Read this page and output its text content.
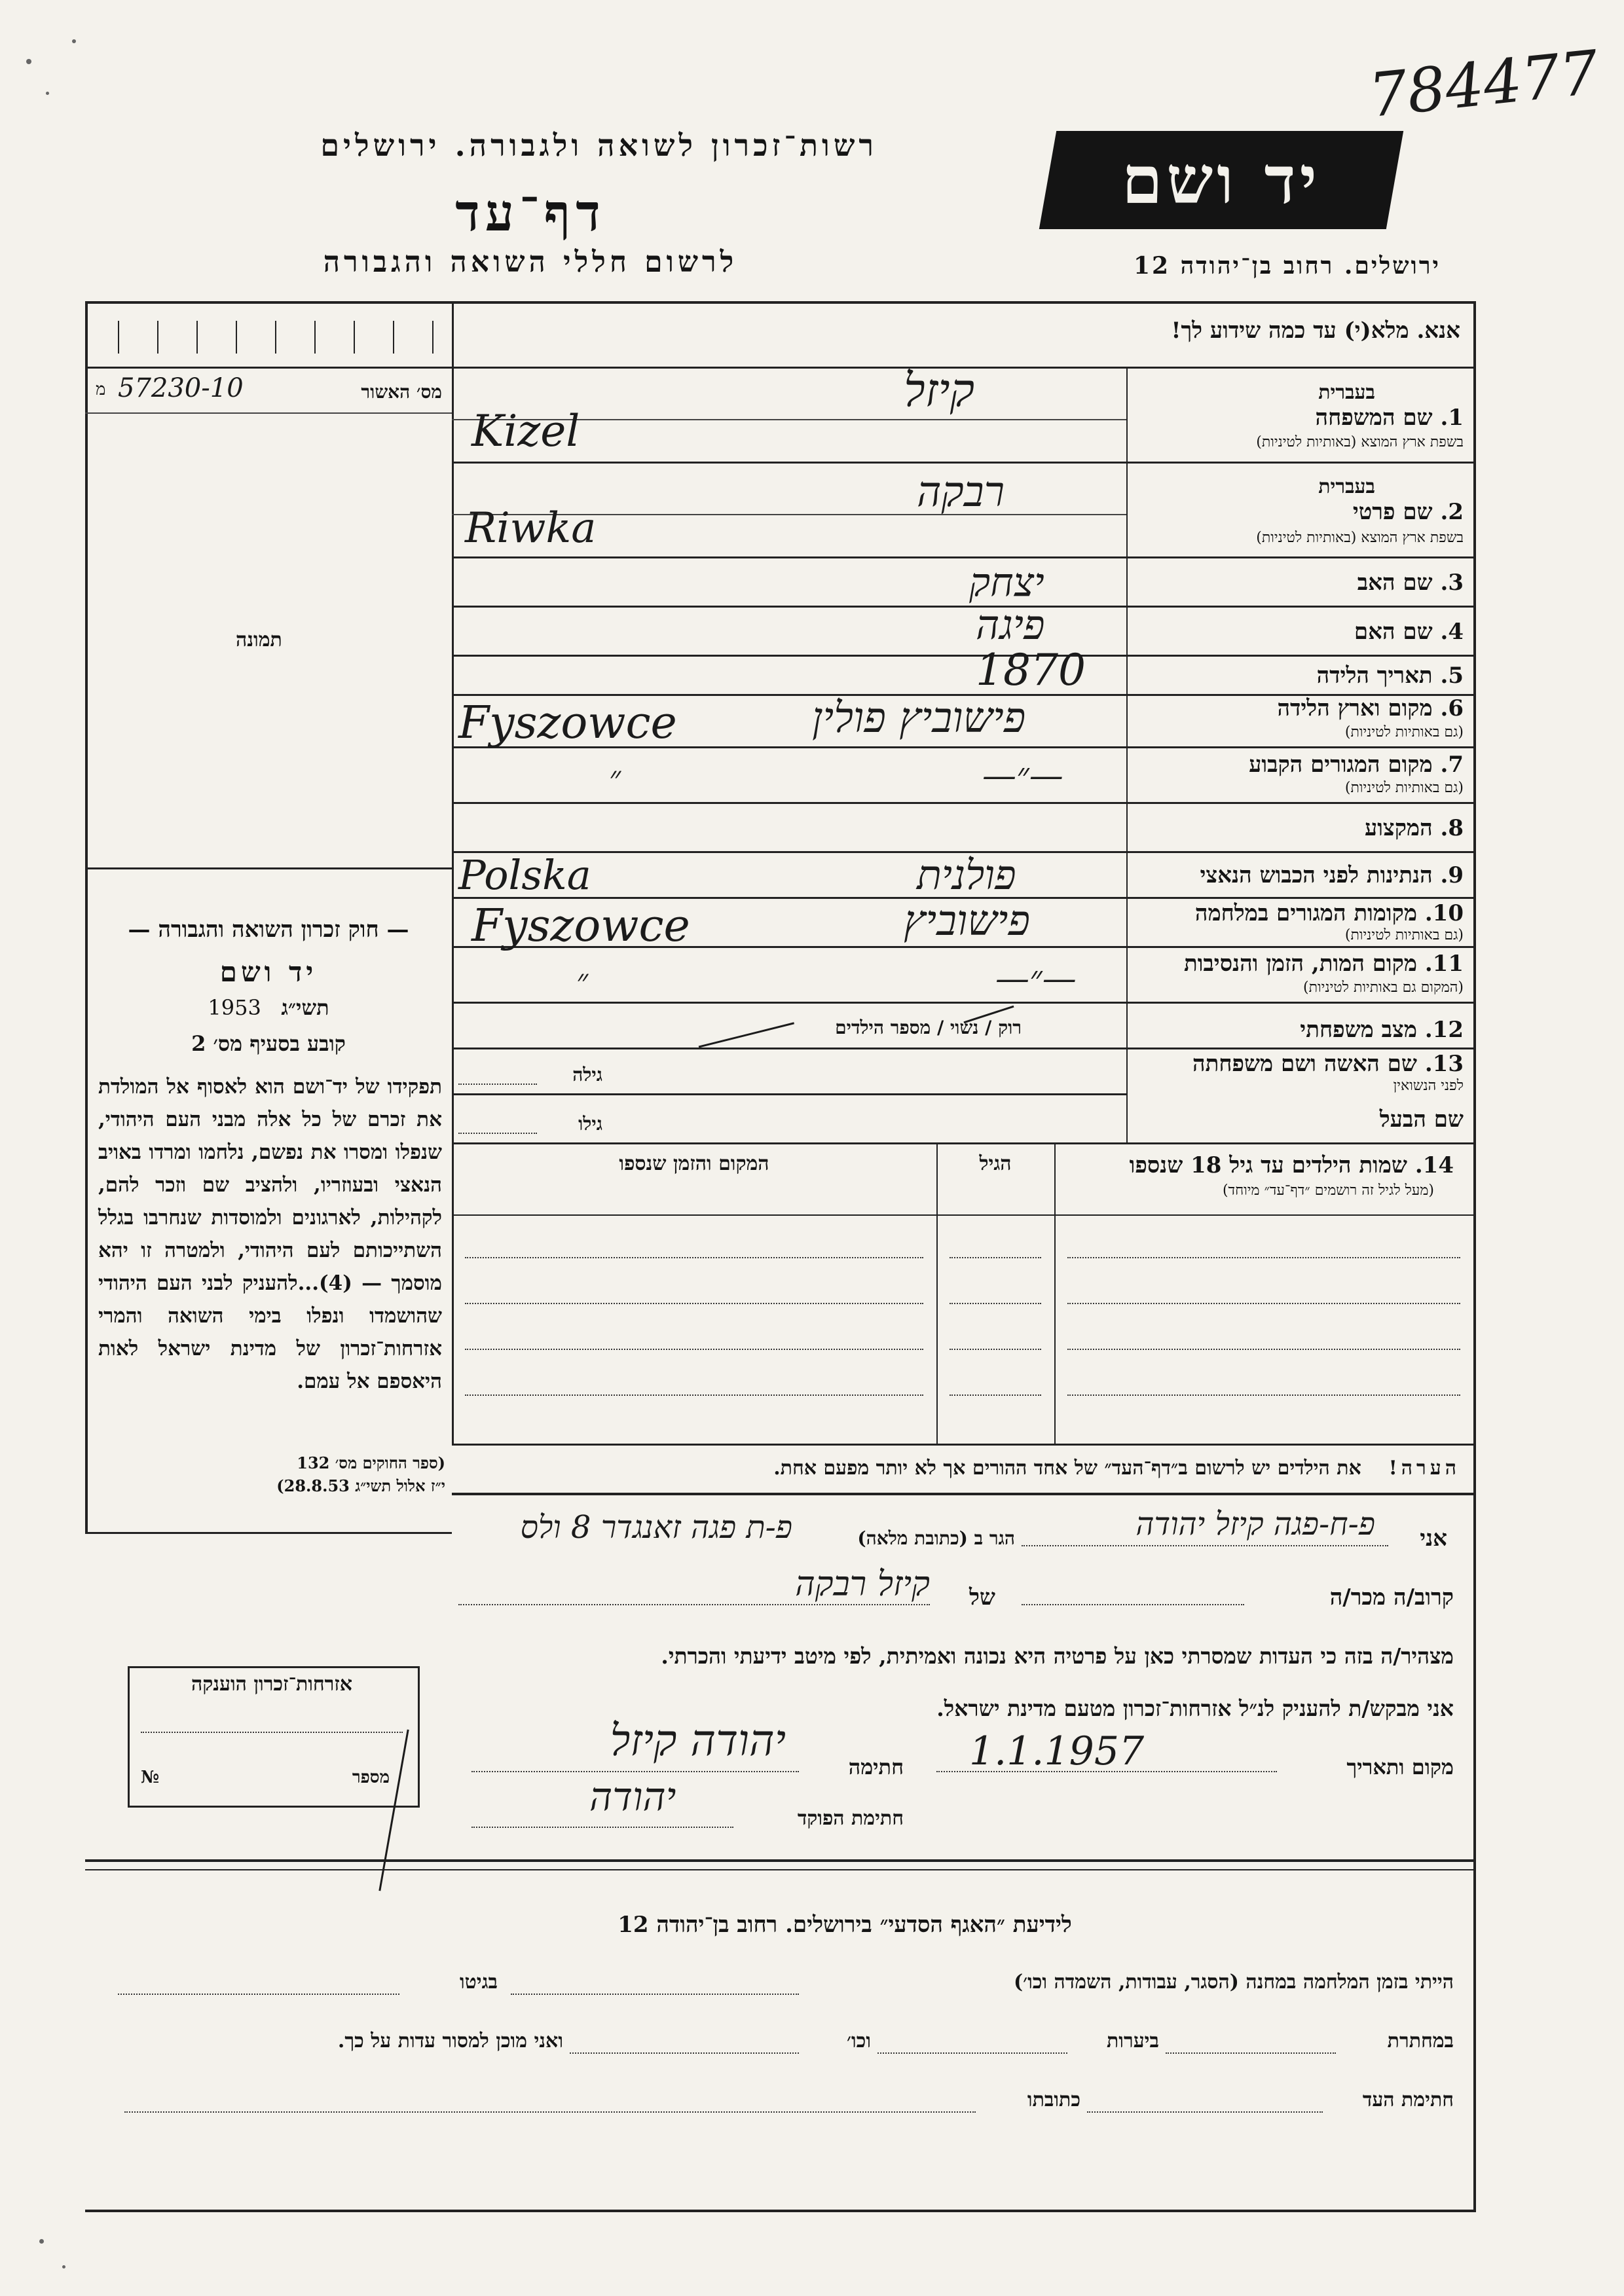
784477
רשות־זכרון לשואה ולגבורה. ירושלים
דף־עד
לרשום חללי השואה והגבורה
יד ושם
ירושלים. רחוב בן־יהודה 12
אנא. מלא(י) עד כמה שידוע לך!
מ 57230-10	מס׳ האשור
תמונה
— חוק זכרון השואה והגבורה —
יד ושם
1953 תשי״ג
קובע בסעיף מס׳ 2
תפקידו של יד־ושם הוא לאסוף אל המולדת את זכרם של כל אלה מבני העם היהודי, שנפלו ומסרו את נפשם, נלחמו ומרדו באויב הנאצי ובעוזריו, ולהציב שם וזכר להם, לקהילות, לארגונים ולמוסדות שנחרבו בגלל השתייכותם לעם היהודי, ולמטרה זו יהא מוסמך — (4)...להעניק לבני העם היהודי שהושמדו ונפלו בימי השואה והמרי אזרחות־זכרון של מדינת ישראל לאות היאספם אל עמם.
(ספר החוקים מס׳ 132
י״ז אלול תשי״ג 28.8.53)
1. שם המשפחה
בעברית
בשפת ארץ המוצא (באותיות לטיניות)
קיזל
Kizel
2. שם פרטי
בעברית
בשפת ארץ המוצא (באותיות לטיניות)
רבקה
Riwka
3. שם האב
יצחק
4. שם האם
פיגה
5. תאריך הלידה
1870
6. מקום וארץ הלידה
(גם באותיות לטיניות)
פישוביץ פולין
Fyszowce
7. מקום המגורים הקבוע
(גם באותיות לטיניות)
—״—
״
8. המקצוע
9. הנתינות לפני הכבוש הנאצי
פולנית
Polska
10. מקומות המגורים במלחמה
(גם באותיות לטיניות)
פישוביץ
Fyszowce
11. מקום המות, הזמן והנסיבות
(המקום גם באותיות לטיניות)
—״—
״
12. מצב משפחתי
רוק / נשוי / מספר הילדים
13. שם האשה ושם משפחתה
לפני הנשואין
גילה
שם הבעל
גילו
14. שמות הילדים עד גיל 18 שנספו
(מעל לגיל זה רושמים ״דף־עד״ מיוחד)
הגיל
המקום והזמן שנספו
הערה!    את הילדים יש לרשום ב״דף־העד״ של אחד ההורים אך לא יותר מפעם אחת.
אני
פ-ח-פגה קיזל יהודה
הגר ב (כתובת מלאה)
פ-ת פגה זאנגדר 8 ולס
קרוב/ה מכר/ה
של
קיזל רבקה
מצהיר/ה בזה כי העדות שמסרתי כאן על פרטיה היא נכונה ואמיתית, לפי מיטב ידיעתי והכרתי.
אני מבקש/ת להעניק לנ״ל אזרחות־זכרון מטעם מדינת ישראל.
מקום ותאריך
1.1.1957
חתימה
יהודה קיזל
חתימת הפוקד
יהודה
אזרחות־זכרון הוענקה
№	מספר
לידיעת ״האגף הסדעי״ בירושלים. רחוב בן־יהודה 12
הייתי בזמן המלחמה במחנה (הסגר, עבודות, השמדה וכו׳)
בגיטו
במחתרת
ביערות
וכו׳
ואני מוכן למסור עדות על כך.
חתימת העד
כתובתו
